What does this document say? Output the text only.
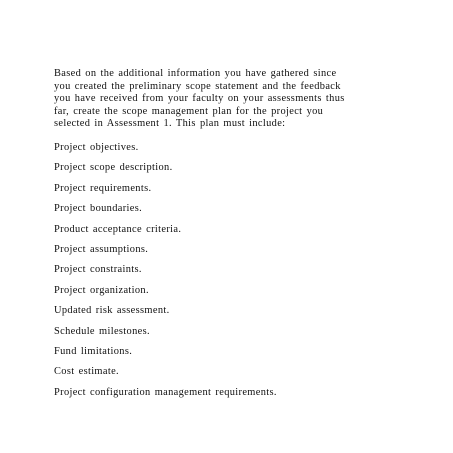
Based on the additional information you have gathered since
you created the preliminary scope statement and the feedback
you have received from your faculty on your assessments thus
far, create the scope management plan for the project you
selected in Assessment 1. This plan must include:

Project objectives.
Project scope description.
Project requirements.
Project boundaries.
Product acceptance criteria.
Project assumptions.
Project constraints.
Project organization.
Updated risk assessment.
Schedule milestones.
Fund limitations.
Cost estimate.
Project configuration management requirements.
